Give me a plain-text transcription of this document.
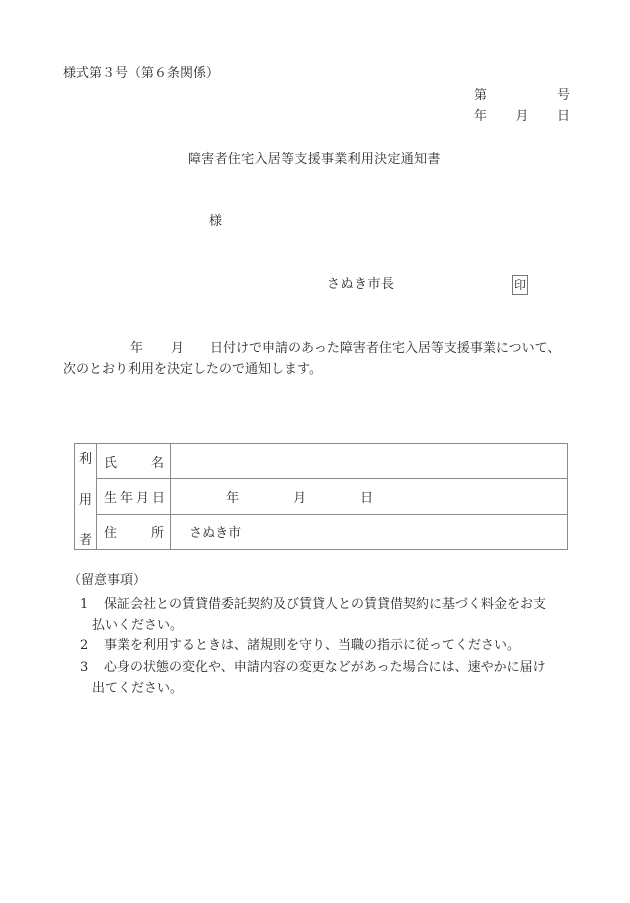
様式第３号（第６条関係）
第	号
年 月 日
障害者住宅入居等支援事業利用決定通知書
様
さぬき市長	印
年 月 日付けで申請のあった障害者住宅入居等支援事業について、
次のとおり利用を決定したので通知します。
利
用
者	氏 名	

	生 年 月 日	年 月 日

	住 所	さぬき市
（留意事項）
1 保証会社との賃貸借委託契約及び賃貸人との賃貸借契約に基づく料金をお支
払いください。
2 事業を利用するときは、諸規則を守り、当職の指示に従ってください。
3 心身の状態の変化や、申請内容の変更などがあった場合には、速やかに届け
出てください。
